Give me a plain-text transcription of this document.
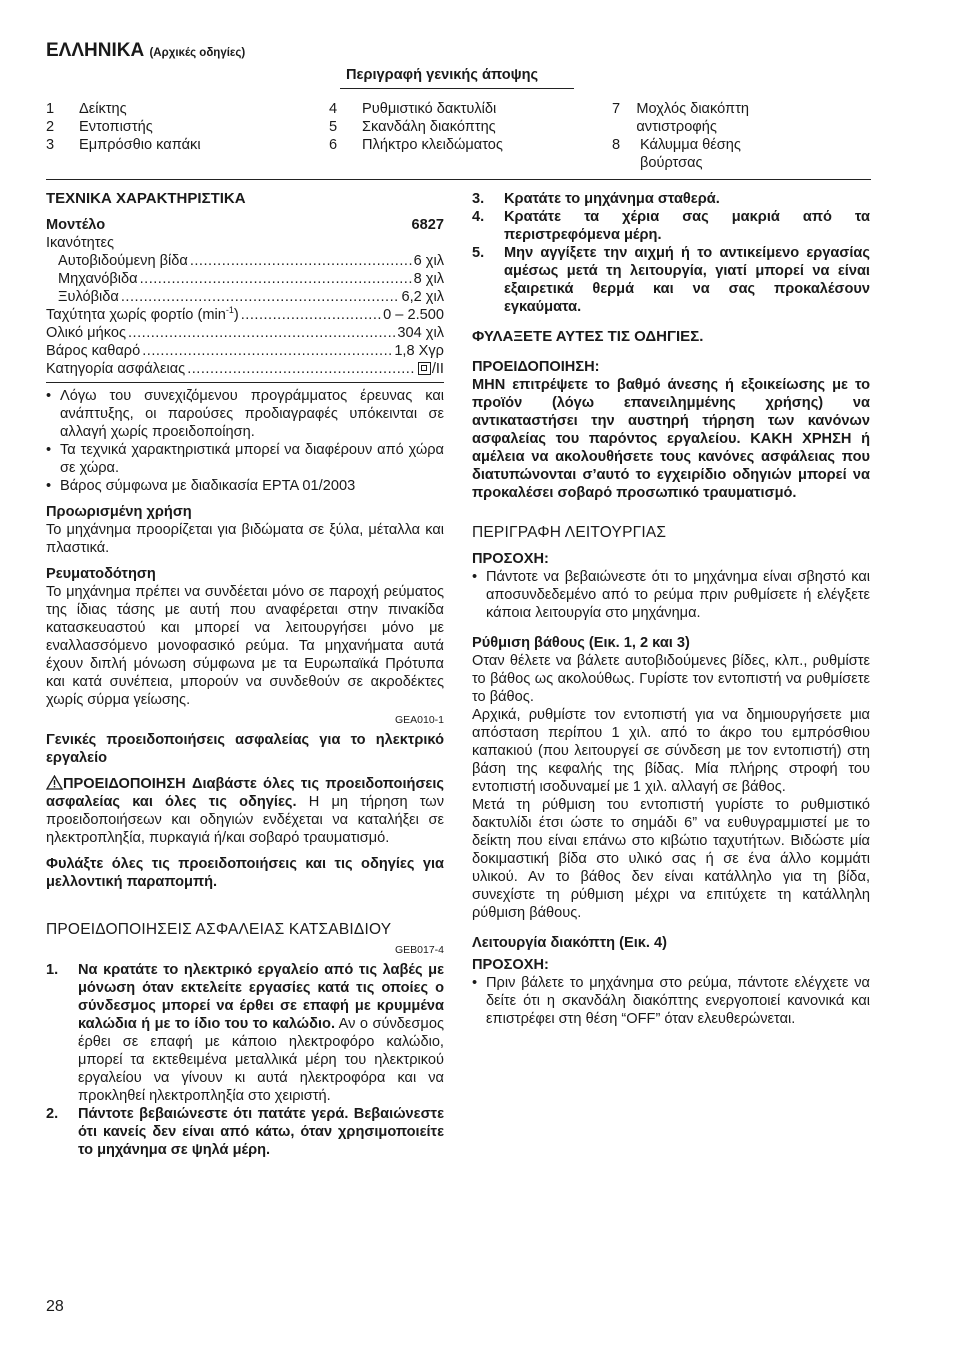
ΕΛΛΗΝΙΚΑ (Αρχικές οδηγίες)
Περιγραφή γενικής άποψης
1	Δείκτης
2	Εντοπιστής
3	Εμπρόσθιο καπάκι
4	Ρυθμιστικό δακτυλίδι
5	Σκανδάλη διακόπτης
6	Πλήκτρο κλειδώματος
7	Μοχλός διακόπτη αντιστροφής
8	Κάλυμμα θέσης βούρτσας

ΤΕΧΝΙΚΑ ΧΑΡΑΚΤΗΡΙΣΤΙΚΑ

Μοντέλο	6827
Ικανότητες
Αυτοβιδούμενη βίδα .....	6 χιλ
Μηχανόβιδα .....	8 χιλ
Ξυλόβιδα .....	6,2 χιλ
Ταχύτητα χωρίς φορτίο $(\min^{-1})$ .....	0 – 2.500
Ολικό μήκος .....	304 χιλ
Βάρος καθαρό .....	1,8 Χγρ
Κατηγορία ασφάλειας .....	/II
• Λόγω του συνεχιζόμενου προγράμματος έρευνας και ανάπτυξης, οι παρούσες προδιαγραφές υπόκεινται σε αλλαγή χωρίς προειδοποίηση.
• Τα τεχνικά χαρακτηριστικά μπορεί να διαφέρουν από χώρα σε χώρα.
• Βάρος σύμφωνα με διαδικασία EPTA 01/2003

Προωρισμένη χρήση

Το μηχάνημα προορίζεται για βιδώματα σε ξύλα, μέταλλα και πλαστικά.

Ρευματοδότηση

Το μηχάνημα πρέπει να συνδέεται μόνο σε παροχή ρεύματος της ίδιας τάσης με αυτή που αναφέρεται στην πινακίδα κατασκευαστού και μπορεί να λειτουργήσει μόνο με εναλλασσόμενο μονοφασικό ρεύμα. Τα μηχανήματα αυτά έχουν διπλή μόνωση σύμφωνα με τα Ευρωπαϊκά Πρότυπα και κατά συνέπεια, μπορούν να συνδεθούν σε ακροδέκτες χωρίς σύρμα γείωσης.

GEA010-1

Γενικές προειδοποιήσεις ασφαλείας για το ηλεκτρικό εργαλείο

ΠΡΟΕΙΔΟΠΟΙΗΣΗ Διαβάστε όλες τις προειδοποιήσεις ασφαλείας και όλες τις οδηγίες. Η μη τήρηση των προειδοποιήσεων και οδηγιών ενδέχεται να καταλήξει σε ηλεκτροπληξία, πυρκαγιά ή/και σοβαρό τραυματισμό.

Φυλάξτε όλες τις προειδοποιήσεις και τις οδηγίες για μελλοντική παραπομπή.

ΠΡΟΕΙΔΟΠΟΙΗΣΕΙΣ ΑΣΦΑΛΕΙΑΣ ΚΑΤΣΑΒΙΔΙΟΥ

GEB017-4
1.	Να κρατάτε το ηλεκτρικό εργαλείο από τις λαβές με μόνωση όταν εκτελείτε εργασίες κατά τις οποίες ο σύνδεσμος μπορεί να έρθει σε επαφή με κρυμμένα καλώδια ή με το ίδιο του το καλώδιο. Αν ο σύνδεσμος έρθει σε επαφή με κάποιο ηλεκτροφόρο καλώδιο, μπορεί τα εκτεθειμένα μεταλλικά μέρη του ηλεκτρικού εργαλείου να γίνουν κι αυτά ηλεκτροφόρα και να προκληθεί ηλεκτροπληξία στο χειριστή.
2.	Πάντοτε βεβαιώνεστε ότι πατάτε γερά. Βεβαιώνεστε ότι κανείς δεν είναι από κάτω, όταν χρησιμοποιείτε το μηχάνημα σε ψηλά μέρη.
3.	Κρατάτε το μηχάνημα σταθερά.
4.	Κρατάτε τα χέρια σας μακριά από τα περιστρεφόμενα μέρη.
5.	Μην αγγίξετε την αιχμή ή το αντικείμενο εργασίας αμέσως μετά τη λειτουργία, γιατί μπορεί να είναι εξαιρετικά θερμά και να σας προκαλέσουν εγκαύματα.

ΦΥΛΑΞΕΤΕ ΑΥΤΕΣ ΤΙΣ ΟΔΗΓΙΕΣ.

ΠΡΟΕΙΔΟΠΟΙΗΣΗ:

ΜΗΝ επιτρέψετε το βαθμό άνεσης ή εξοικείωσης με το προϊόν (λόγω επανειλημμένης χρήσης) να αντικαταστήσει την αυστηρή τήρηση των κανόνων ασφαλείας του παρόντος εργαλείου. ΚΑΚΗ ΧΡΗΣΗ ή αμέλεια να ακολουθήσετε τους κανόνες ασφάλειας που διατυπώνονται σ’αυτό το εγχειρίδιο οδηγιών μπορεί να προκαλέσει σοβαρό προσωπικό τραυματισμό.

ΠΕΡΙΓΡΑΦΗ ΛΕΙΤΟΥΡΓΙΑΣ

ΠΡΟΣΟΧΗ:

• Πάντοτε να βεβαιώνεστε ότι το μηχάνημα είναι σβηστό και αποσυνδεδεμένο από το ρεύμα πριν ρυθμίσετε ή ελέγξετε κάποια λειτουργία στο μηχάνημα.

Ρύθμιση βάθους (Εικ. 1, 2 και 3)

Οταν θέλετε να βάλετε αυτοβιδούμενες βίδες, κλπ., ρυθμίστε το βάθος ως ακολούθως. Γυρίστε τον εντοπιστή να ρυθμίσετε το βάθος.

Αρχικά, ρυθμίστε τον εντοπιστή για να δημιουργήσετε μια απόσταση περίπου 1 χιλ. από το άκρο του εμπρόσθιου καπακιού (που λειτουργεί σε σύνδεση με τον εντοπιστή) στη βάση της κεφαλής της βίδας. Μία πλήρης στροφή του εντοπιστή ισοδυναμεί με 1 χιλ. αλλαγή σε βάθος.

Μετά τη ρύθμιση του εντοπιστή γυρίστε το ρυθμιστικό δακτυλίδι έτσι ώστε το σημάδι 6” να ευθυγραμμιστεί με το δείκτη που είναι επάνω στο κιβώτιο ταχυτήτων. Βιδώστε μία δοκιμαστική βίδα στο υλικό σας ή σε ένα άλλο κομμάτι υλικού. Αν το βάθος δεν είναι κατάλληλο για τη βίδα, συνεχίστε τη ρύθμιση μέχρι να επιτύχετε τη κατάλληλη ρύθμιση βάθους.

Λειτουργία διακόπτη (Εικ. 4)

ΠΡΟΣΟΧΗ:

• Πριν βάλετε το μηχάνημα στο ρεύμα, πάντοτε ελέγχετε να δείτε ότι η σκανδάλη διακόπτης ενεργοποιεί κανονικά και επιστρέφει στη θέση “OFF” όταν ελευθερώνεται.
28
